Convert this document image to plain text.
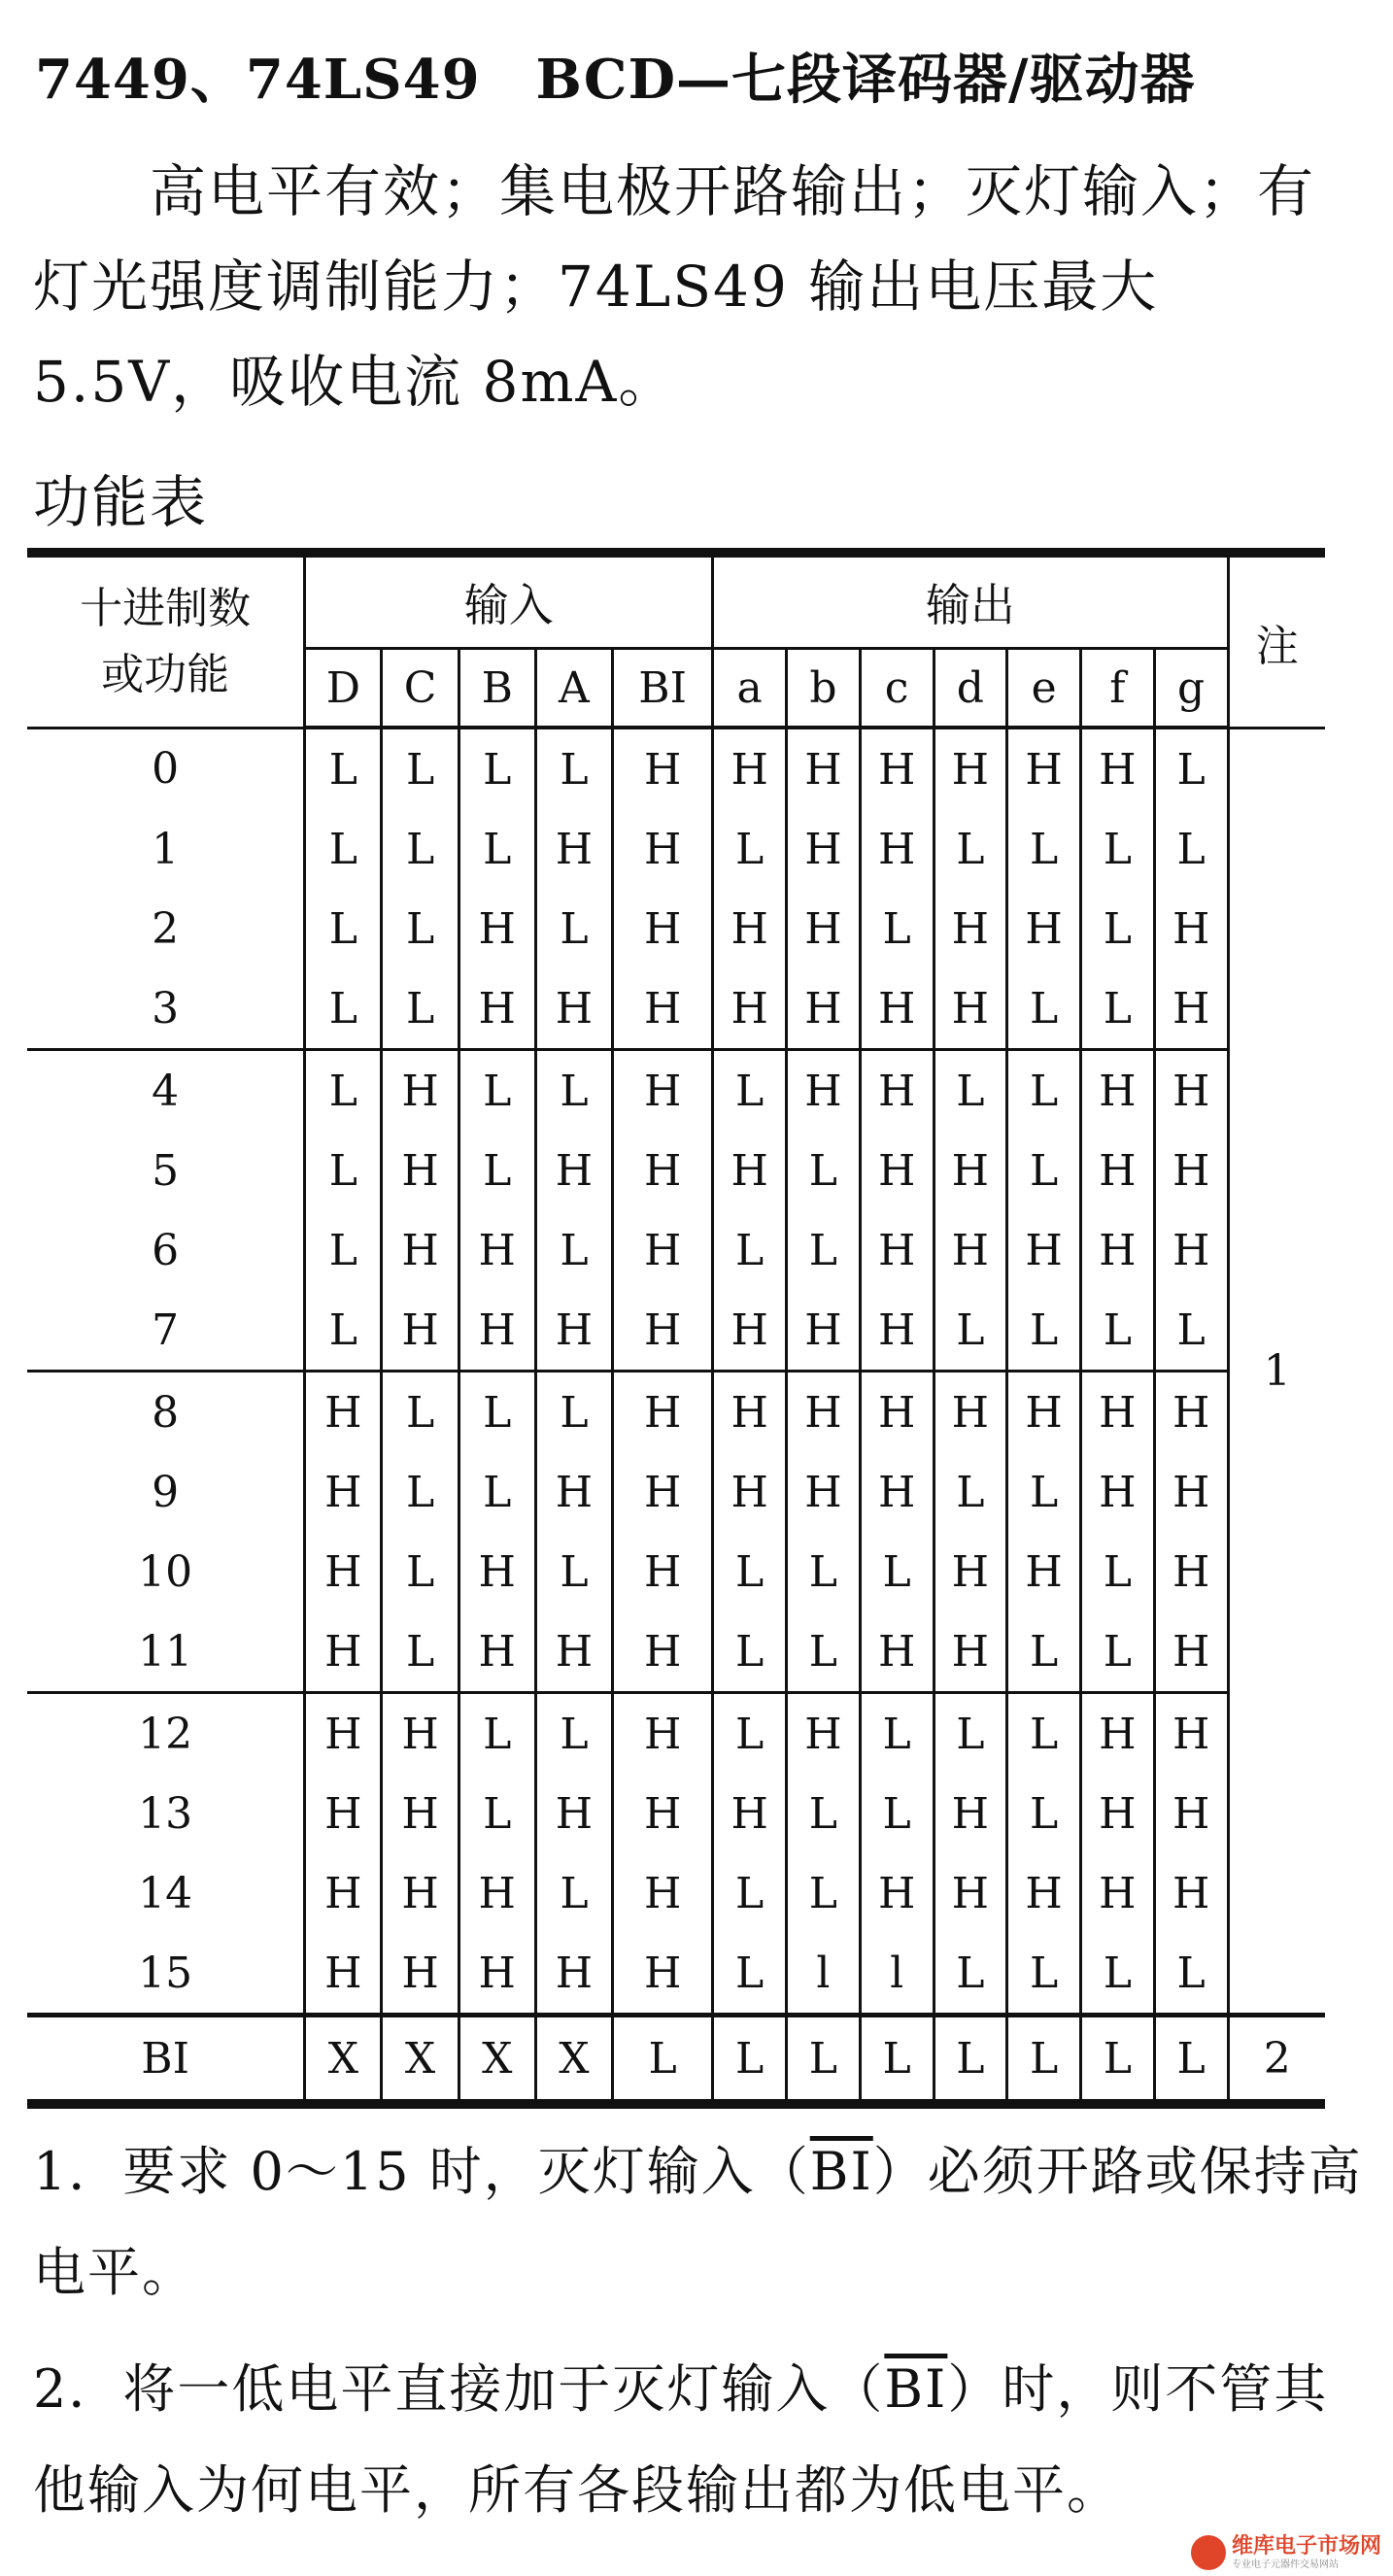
7449、74LS49　BCD—七段译码器/驱动器
高电平有效；集电极开路输出；灭灯输入；有灯光强度调制能力；74LS49 输出电压最大 5.5V，吸收电流 8mA。
功能表
十进制数
或功能	输入					输出							注
	D	C	B	A	BI	a	b	c	d	e	f	g	
0	L	L	L	L	H	H	H	H	H	H	H	L	1
1	L	L	L	H	H	L	H	H	L	L	L	L	
2	L	L	H	L	H	H	H	L	H	H	L	H	
3	L	L	H	H	H	H	H	H	H	L	L	H	
4	L	H	L	L	H	L	H	H	L	L	H	H	
5	L	H	L	H	H	H	L	H	H	L	H	H	
6	L	H	H	L	H	L	L	H	H	H	H	H	
7	L	H	H	H	H	H	H	H	L	L	L	L	
8	H	L	L	L	H	H	H	H	H	H	H	H	
9	H	L	L	H	H	H	H	H	L	L	H	H	
10	H	L	H	L	H	L	L	L	H	H	L	H	
11	H	L	H	H	H	L	L	H	H	L	L	H	
12	H	H	L	L	H	L	H	L	L	L	H	H	
13	H	H	L	H	H	H	L	L	H	L	H	H	
14	H	H	H	L	H	L	L	H	H	H	H	H	
15	H	H	H	H	H	L	l	l	L	L	L	L	
BI	X	X	X	X	L	L	L	L	L	L	L	L	2

1．要求 0～15 时，灭灯输入$(\overline{BI})$必须开路或保持高电平。

2．将一低电平直接加于灭灯输入$(\overline{BI})$时，则不管其他输入为何电平，所有各段输出都为低电平。

维库电子市场网
专业电子元器件交易网站
